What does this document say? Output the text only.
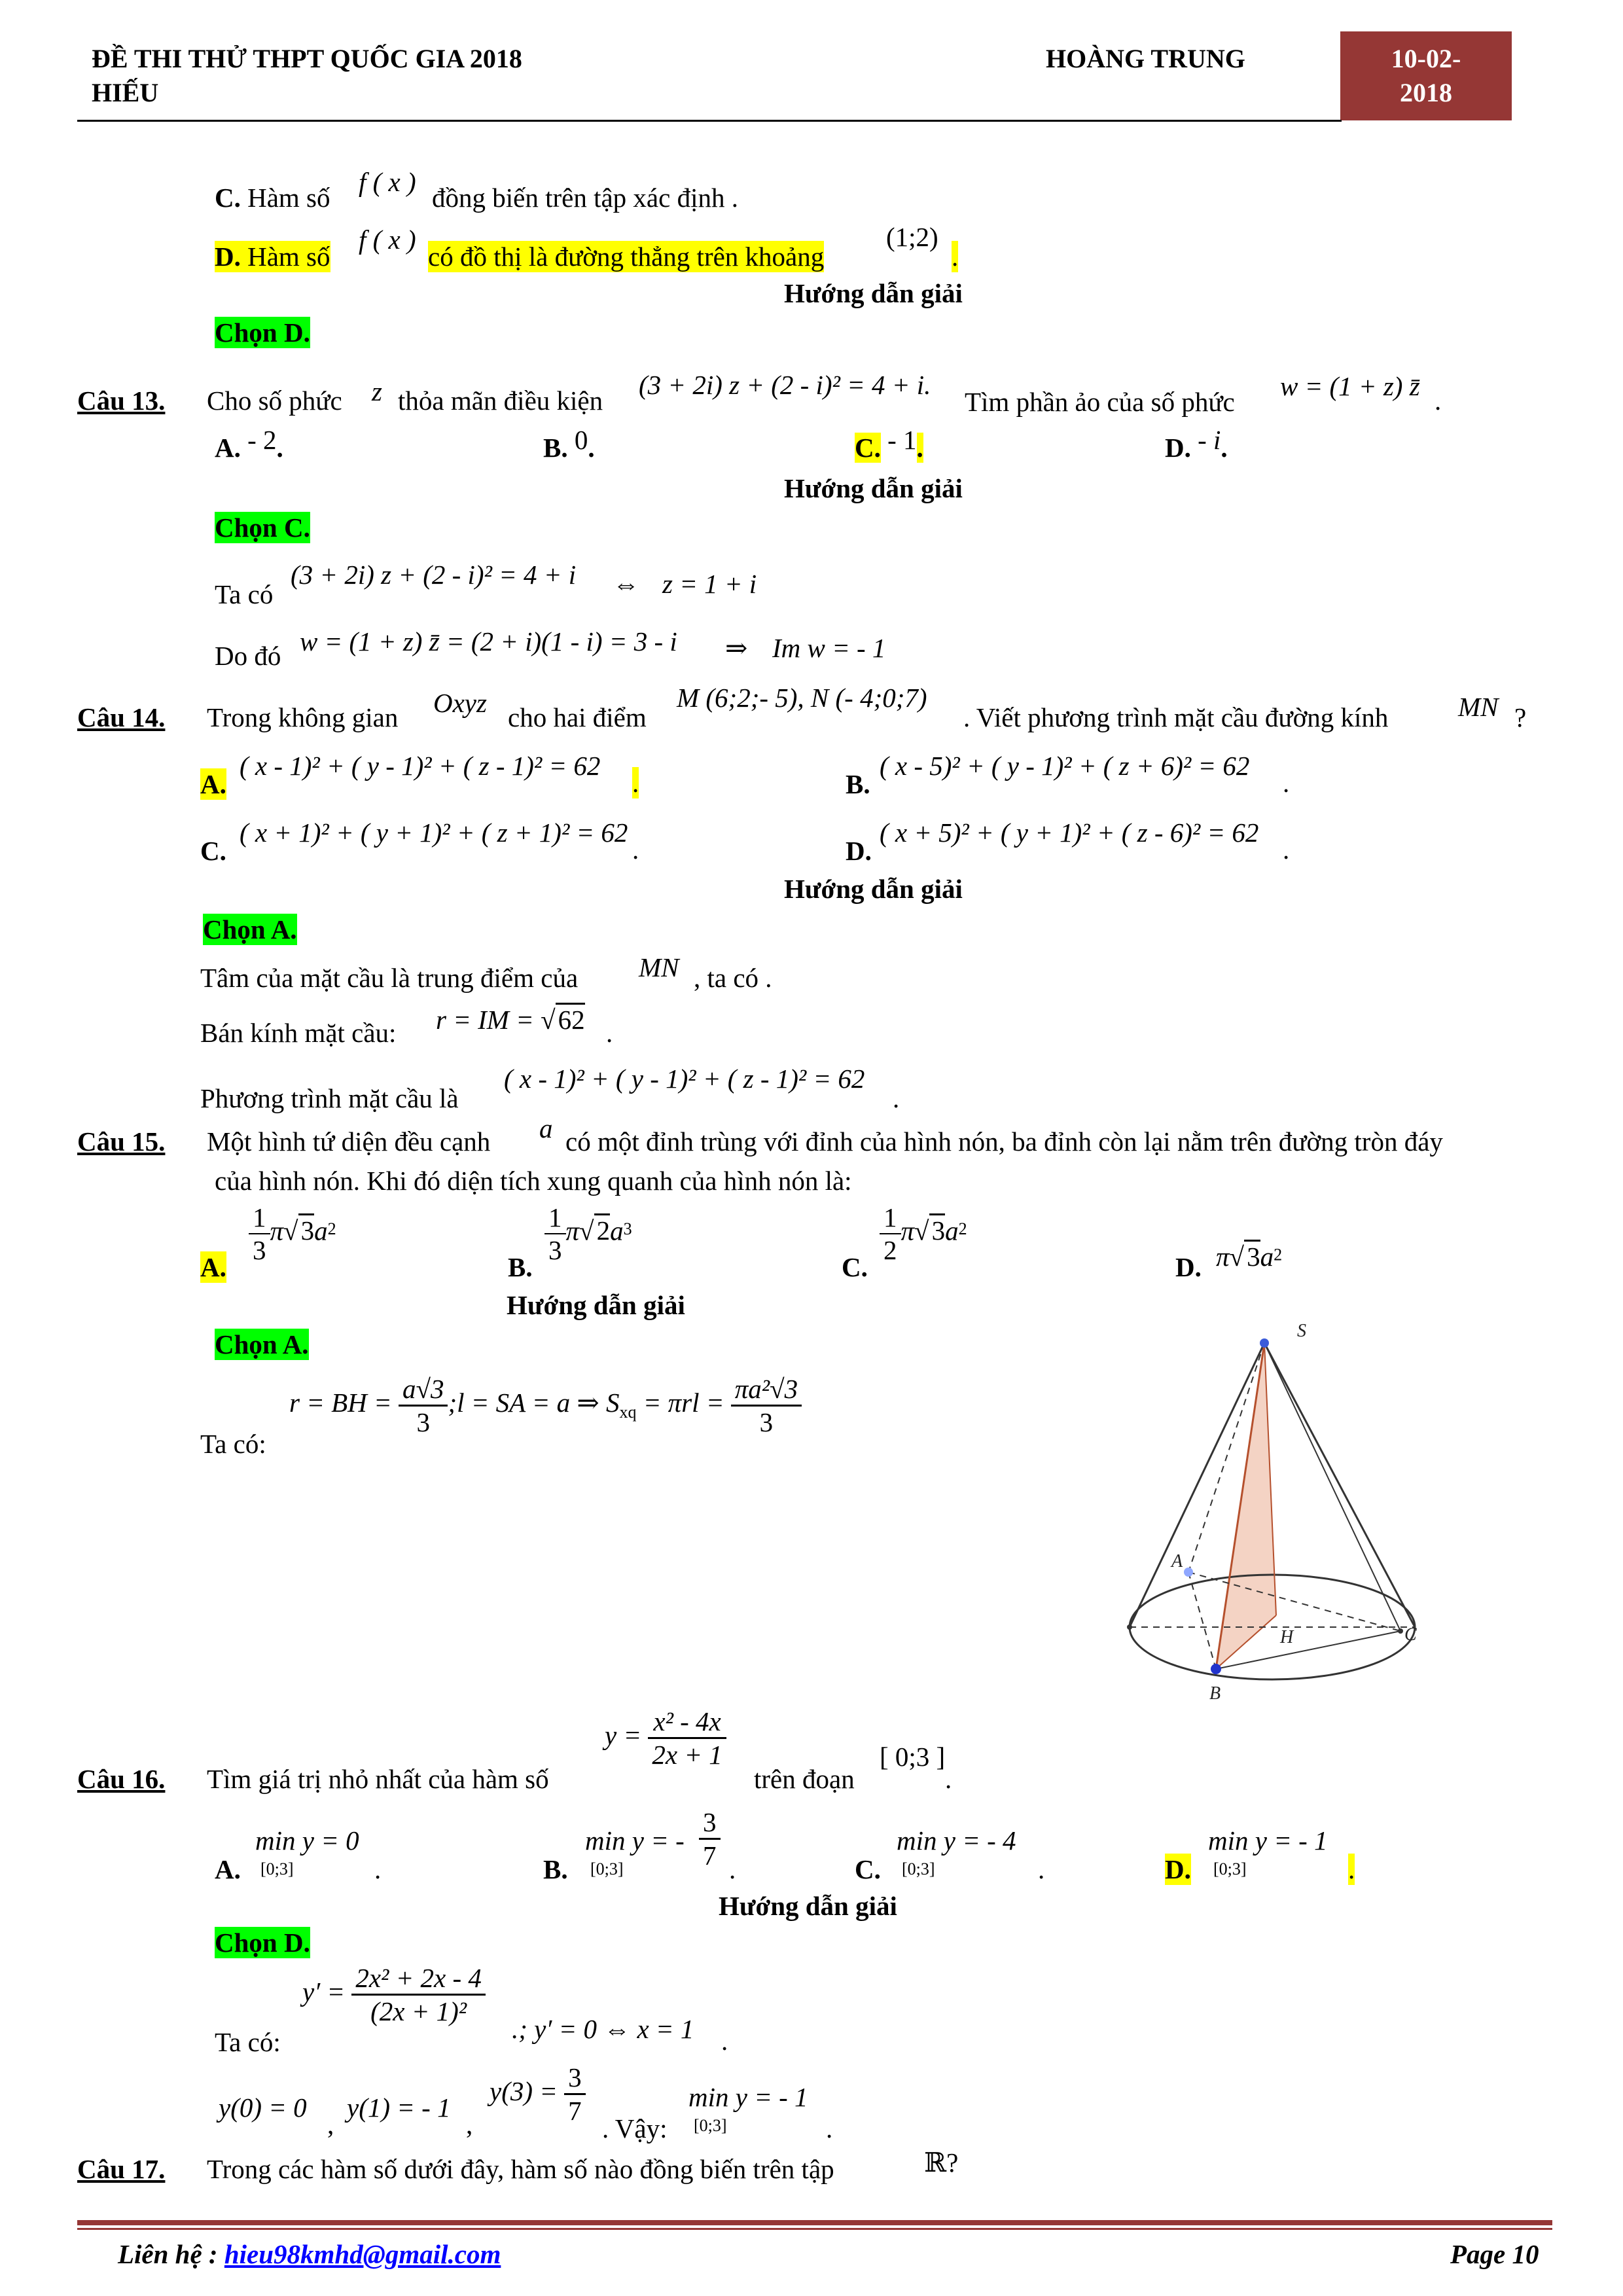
ĐỀ THI THỬ THPT QUỐC GIA 2018
HIẾU
HOÀNG TRUNG	10-02-
2018
C. Hàm số
f ( x )
đồng biến trên tập xác định .
D. Hàm số
f ( x )
có đồ thị là đường thẳng trên khoảng
(1;2)
.
Hướng dẫn giải
Chọn D.
Câu 13. Cho số phức z thỏa mãn điều kiện
(3 + 2i) z + (2 - i)² = 4 + i.
Tìm phần ảo của số phức
w = (1 + z) z̄ .
A. - 2.	B. 0.	C. - 1.	D. - i.
Hướng dẫn giải
Chọn C.
Ta có
(3 + 2i) z + (2 - i)² = 4 + i ⇔ z = 1 + i
Do đó w = (1 + z) z̄ = (2 + i)(1 - i) = 3 - i ⇒ Im w = - 1
Câu 14. Trong không gian Oxyz cho hai điểm
M (6;2;- 5), N (- 4;0;7)
. Viết phương trình mặt cầu đường kính	MN ?
A.
( x - 1)² + ( y - 1)² + ( z - 1)² = 62
.	B.
( x - 5)² + ( y - 1)² + ( z + 6)² = 62
.
C.
( x + 1)² + ( y + 1)² + ( z + 1)² = 62
.	D.
( x + 5)² + ( y + 1)² + ( z - 6)² = 62
.
Hướng dẫn giải
Chọn A.
Tâm của mặt cầu là trung điểm của MN , ta có .
Bán kính mặt cầu: r = IM = √62 .
Phương trình mặt cầu là
( x - 1)² + ( y - 1)² + ( z - 1)² = 62
.
Câu 15. Một hình tứ diện đều cạnh a có một đỉnh trùng với đỉnh của hình nón, ba đỉnh còn lại nằm trên đường tròn đáy
của hình nón. Khi đó diện tích xung quanh của hình nón là:
A.
$\frac{1}{3} \pi√3a^2$
B.
$\frac{1}{3} \pi√2a^3$
C.
$\frac{1}{2} \pi√3a^2$
D. $\pi√3a^2$
Hướng dẫn giải
Chọn A.
Ta có:
r = BH = $\frac{a√3}{3}$ ;l = SA = a ⇒ $S_{xq} = \pi rl = \frac{\text{πa²√3}}{3}$
S
A
B
C
H
Câu 16. Tìm giá trị nhỏ nhất của hàm số
$y = \frac{\text{x² - 4x}}{2x + 1}$
trên đoạn
[ 0;3 ]
.
A.
min y = 0
[0;3]	.	B.
min y = -
[0;3]	$\frac{3}{7}$ .	C.
min y = - 4
[0;3]	.	D.
min y = - 1
[0;3]	.
Hướng dẫn giải
Chọn D.
Ta có:
$y' = \frac{\text{2x² + 2x - 4}}{\text{(2x + 1)²}}$
.; y′ = 0 ⇔ x = 1 .
y(0) = 0
,
y(1) = - 1
,
$y(3) = \frac{3}{7}$
. Vậy:
min y = - 1
[0;3]	.
Câu 17. Trong các hàm số dưới đây, hàm số nào đồng biến trên tập	ℝ?
Liên hệ : hieu98kmhd@gmail.com	Page 10
